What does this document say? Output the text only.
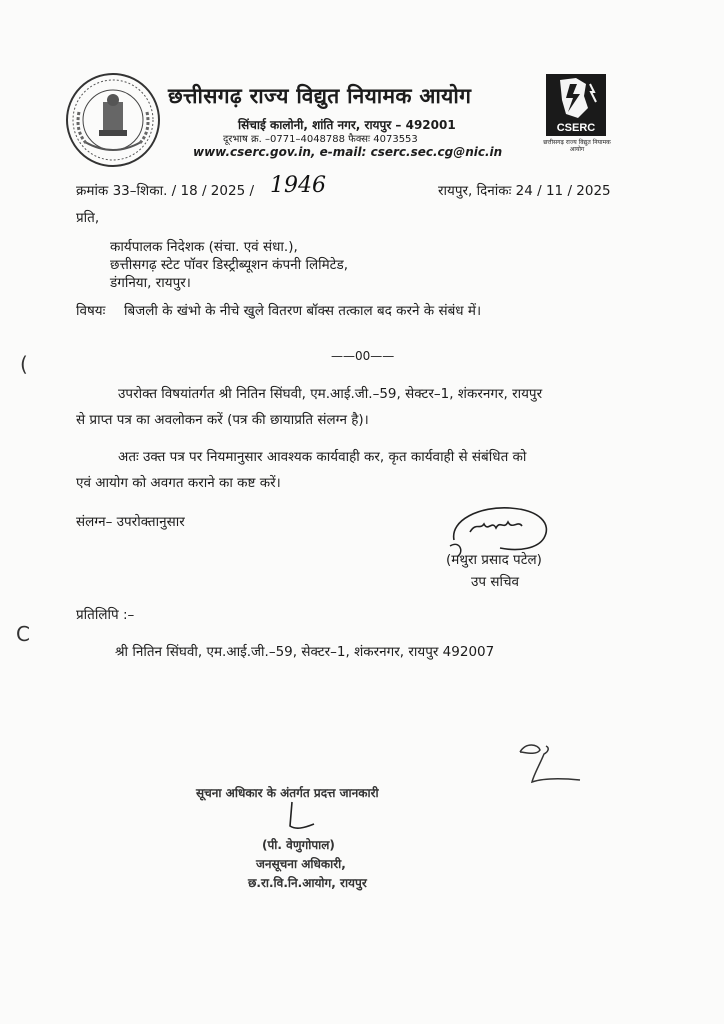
छत्तीसगढ़ राज्य विद्युत नियामक आयोग
सिंचाई कालोनी, शांति नगर, रायपुर – 492001
दूरभाष क्र. –0771–4048788 फैक्सः 4073553
www.cserc.gov.in, e-mail: cserc.sec.cg@nic.in
CSERC
छत्तीसगढ़ राज्य विद्युत नियामक आयोग
क्रमांक 33–शिका. / 18 / 2025 / 1946	रायपुर, दिनांकः 24 / 11 / 2025
प्रति,
कार्यपालक निदेशक (संचा. एवं संधा.),
छत्तीसगढ़ स्टेट पॉवर डिस्ट्रीब्यूशन कंपनी लिमिटेड,
डंगनिया, रायपुर।
विषयः बिजली के खंभो के नीचे खुले वितरण बॉक्स तत्काल बद करने के संबंध में।
——00——
(
उपरोक्त विषयांतर्गत श्री नितिन सिंघवी, एम.आई.जी.–59, सेक्टर–1, शंकरनगर, रायपुर
से प्राप्त पत्र का अवलोकन करें (पत्र की छायाप्रति संलग्न है)।
अतः उक्त पत्र पर नियमानुसार आवश्यक कार्यवाही कर, कृत कार्यवाही से संबंधित को
एवं आयोग को अवगत कराने का कष्ट करें।
संलग्न– उपरोक्तानुसार
(मथुरा प्रसाद पटेल)
उप सचिव
प्रतिलिपि :–
C
श्री नितिन सिंघवी, एम.आई.जी.–59, सेक्टर–1, शंकरनगर, रायपुर 492007
सूचना अधिकार के अंतर्गत प्रदत्त जानकारी
(पी. वेणुगोपाल)
जनसूचना अधिकारी,
छ.रा.वि.नि.आयोग, रायपुर
